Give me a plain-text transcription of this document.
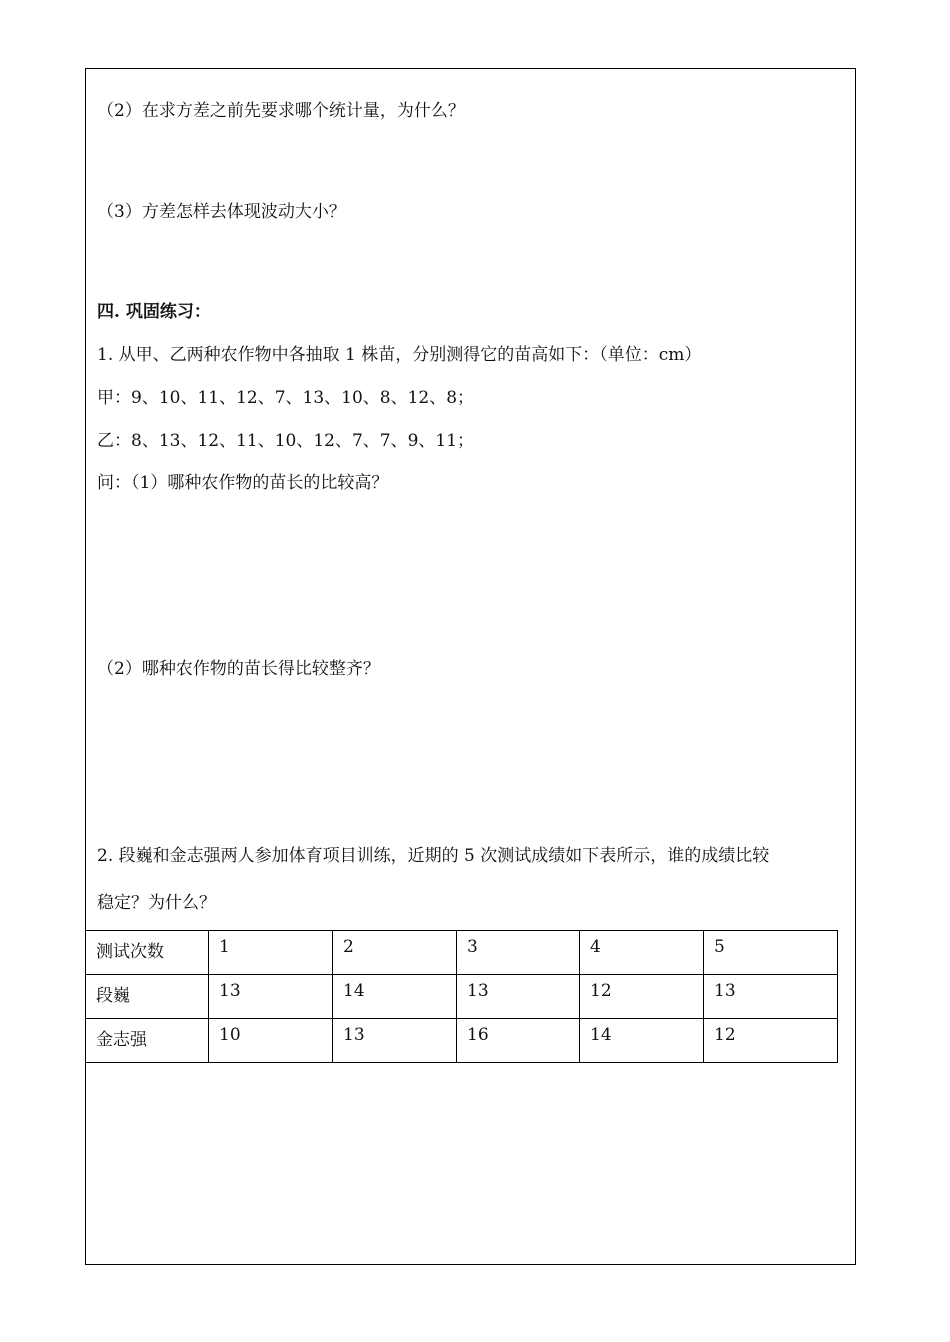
（2）在求方差之前先要求哪个统计量，为什么？
（3）方差怎样去体现波动大小？
四. 巩固练习：
1. 从甲、乙两种农作物中各抽取 1 株苗，分别测得它的苗高如下：（单位：cm）
甲：9、10、11、12、7、13、10、8、12、8；
乙：8、13、12、11、10、12、7、7、9、11；
问：（1）哪种农作物的苗长的比较高？
（2）哪种农作物的苗长得比较整齐？
2. 段巍和金志强两人参加体育项目训练，近期的 5 次测试成绩如下表所示，谁的成绩比较
稳定？为什么？
测试次数	1	2	3	4	5
段巍	13	14	13	12	13
金志强	10	13	16	14	12
